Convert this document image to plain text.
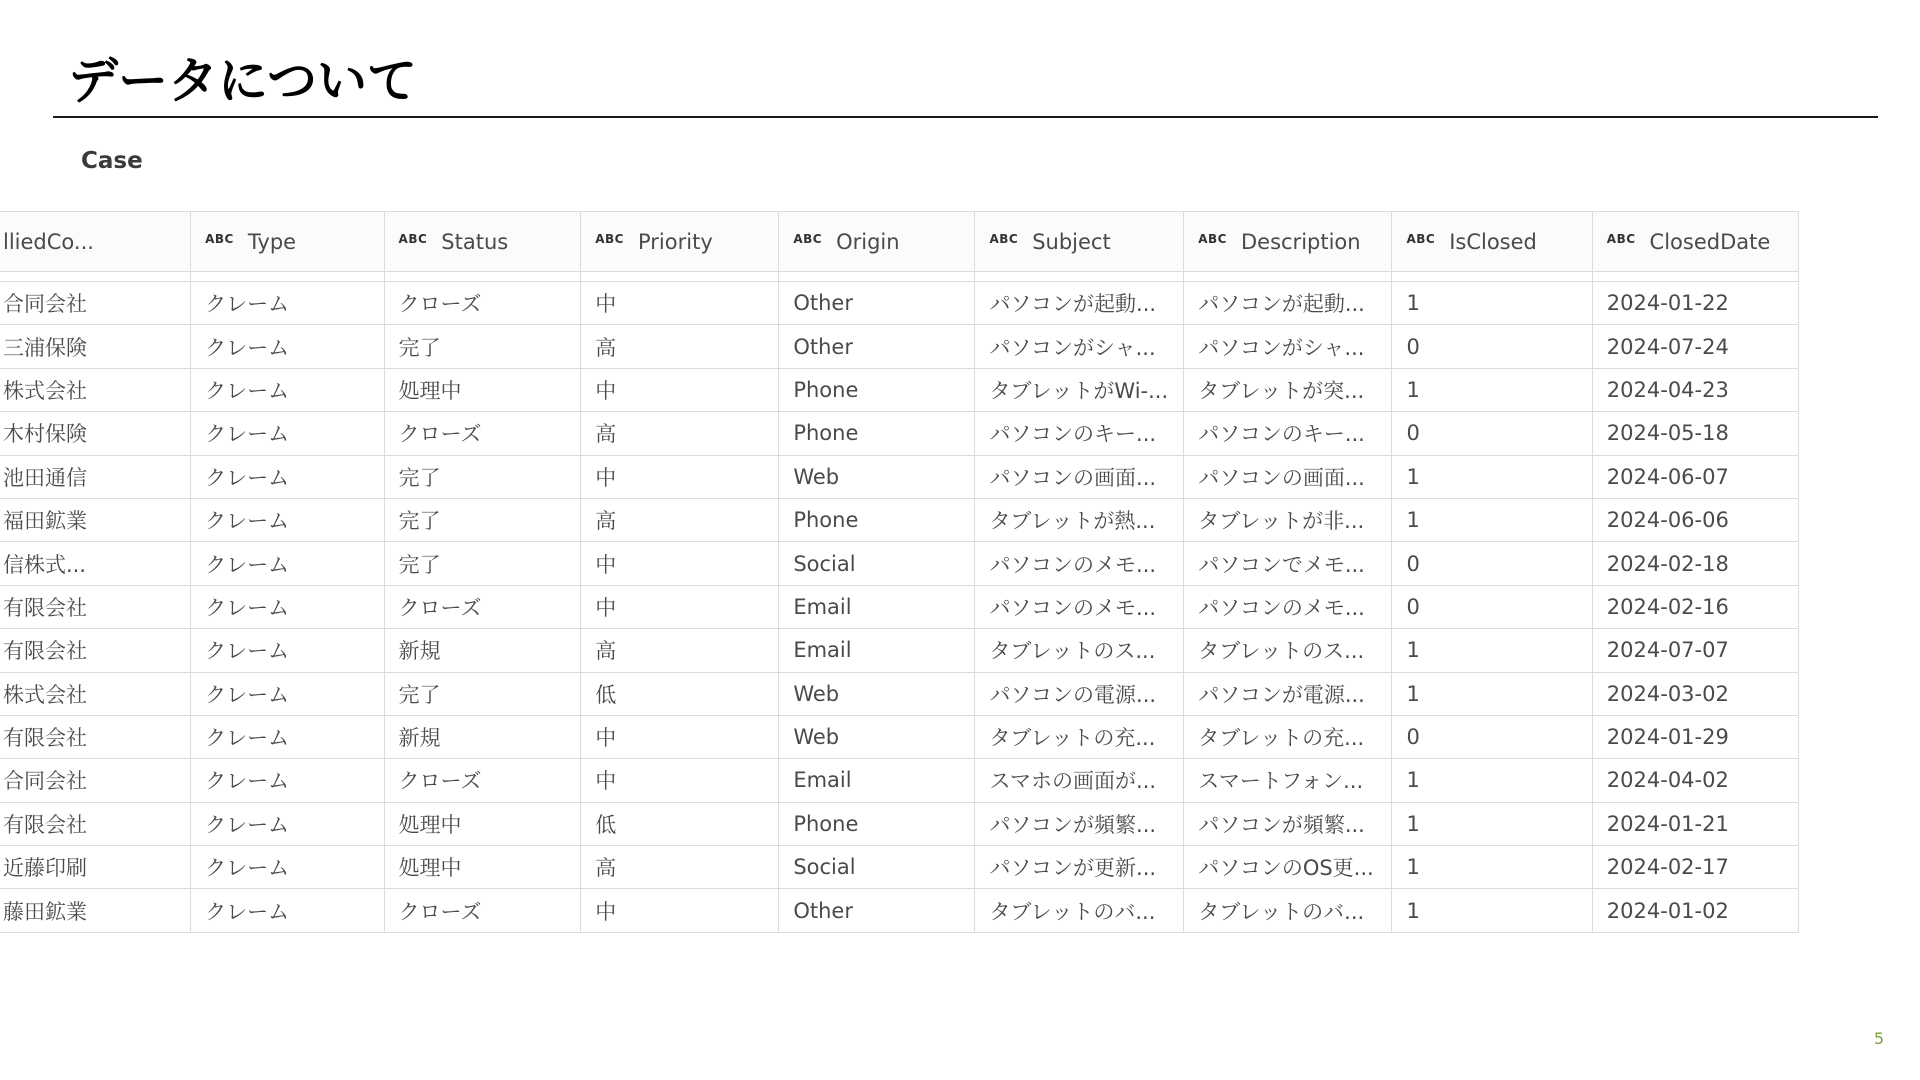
データについて
Case
lliedCo...	ABC Type	ABC Status	ABC Priority	ABC Origin	ABC Subject	ABC Description	ABC IsClosed	ABC ClosedDate

合同会社	クレーム	クローズ	中	Other	パソコンが起動...	パソコンが起動...	1	2024-01-22
三浦保険	クレーム	完了	高	Other	パソコンがシャ...	パソコンがシャ...	0	2024-07-24
株式会社	クレーム	処理中	中	Phone	タブレットがWi-...	タブレットが突...	1	2024-04-23
木村保険	クレーム	クローズ	高	Phone	パソコンのキー...	パソコンのキー...	0	2024-05-18
池田通信	クレーム	完了	中	Web	パソコンの画面...	パソコンの画面...	1	2024-06-07
福田鉱業	クレーム	完了	高	Phone	タブレットが熱...	タブレットが非...	1	2024-06-06
信株式...	クレーム	完了	中	Social	パソコンのメモ...	パソコンでメモ...	0	2024-02-18
有限会社	クレーム	クローズ	中	Email	パソコンのメモ...	パソコンのメモ...	0	2024-02-16
有限会社	クレーム	新規	高	Email	タブレットのス...	タブレットのス...	1	2024-07-07
株式会社	クレーム	完了	低	Web	パソコンの電源...	パソコンが電源...	1	2024-03-02
有限会社	クレーム	新規	中	Web	タブレットの充...	タブレットの充...	0	2024-01-29
合同会社	クレーム	クローズ	中	Email	スマホの画面が...	スマートフォン...	1	2024-04-02
有限会社	クレーム	処理中	低	Phone	パソコンが頻繁...	パソコンが頻繁...	1	2024-01-21
近藤印刷	クレーム	処理中	高	Social	パソコンが更新...	パソコンのOS更...	1	2024-02-17
藤田鉱業	クレーム	クローズ	中	Other	タブレットのバ...	タブレットのバ...	1	2024-01-02
5
